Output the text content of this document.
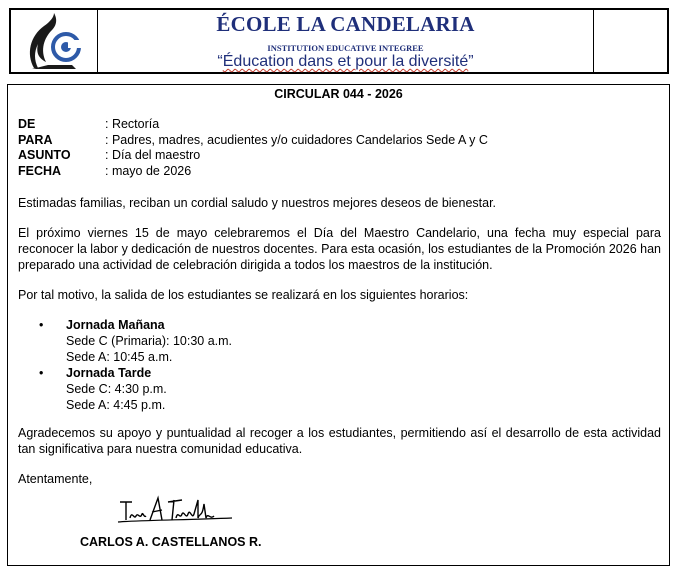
ÉCOLE LA CANDELARIA
INSTITUTION EDUCATIVE INTEGREE
“Éducation dans et pour la diversité”
CIRCULAR 044 - 2026
DE	: Rectoría
PARA	: Padres, madres, acudientes y/o cuidadores Candelarios Sede A y C
ASUNTO	: Día del maestro
FECHA	: mayo de 2026

Estimadas familias, reciban un cordial saludo y nuestros mejores deseos de bienestar.

El próximo viernes 15 de mayo celebraremos el Día del Maestro Candelario, una fecha muy especial para reconocer la labor y dedicación de nuestros docentes. Para esta ocasión, los estudiantes de la Promoción 2026 han preparado una actividad de celebración dirigida a todos los maestros de la institución.

Por tal motivo, la salida de los estudiantes se realizará en los siguientes horarios:

• Jornada Mañana
Sede C (Primaria): 10:30 a.m.
Sede A: 10:45 a.m.
• Jornada Tarde
Sede C: 4:30 p.m.
Sede A: 4:45 p.m.

Agradecemos su apoyo y puntualidad al recoger a los estudiantes, permitiendo así el desarrollo de esta actividad tan significativa para nuestra comunidad educativa.

Atentamente,
CARLOS A. CASTELLANOS R.
